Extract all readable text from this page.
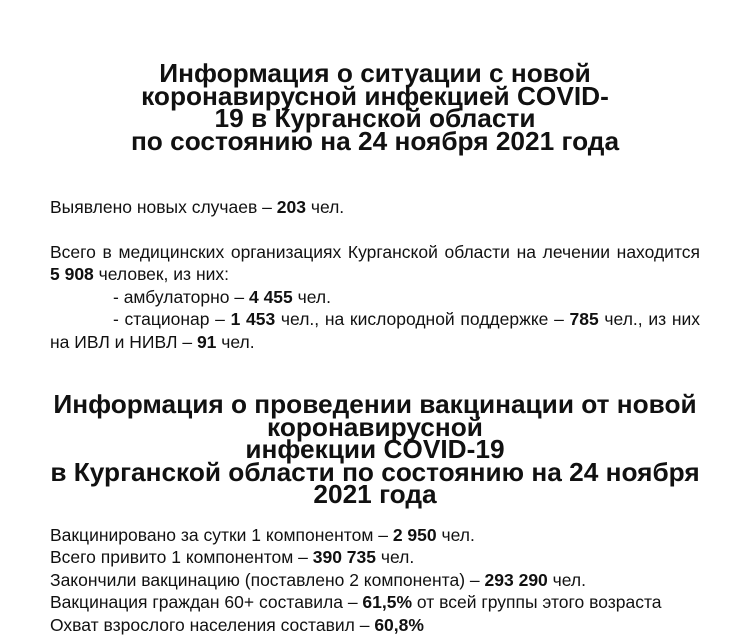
Информация о ситуации с новой коронавирусной инфекцией COVID-
19 в Курганской области
по состоянию на 24 ноября 2021 года

Выявлено новых случаев – 203 чел.

Всего в медицинских организациях Курганской области на лечении находится 5 908 человек, из них:

- амбулаторно – 4 455 чел.

- стационар – 1 453 чел., на кислородной поддержке – 785 чел., из них на ИВЛ и НИВЛ – 91 чел.

Информация о проведении вакцинации от новой коронавирусной
инфекции COVID-19
в Курганской области по состоянию на 24 ноября 2021 года

Вакцинировано за сутки 1 компонентом – 2 950 чел.

Всего привито 1 компонентом – 390 735 чел.

Закончили вакцинацию (поставлено 2 компонента) – 293 290 чел.

Вакцинация граждан 60+ составила – 61,5% от всей группы этого возраста

Охват взрослого населения составил – 60,8%
